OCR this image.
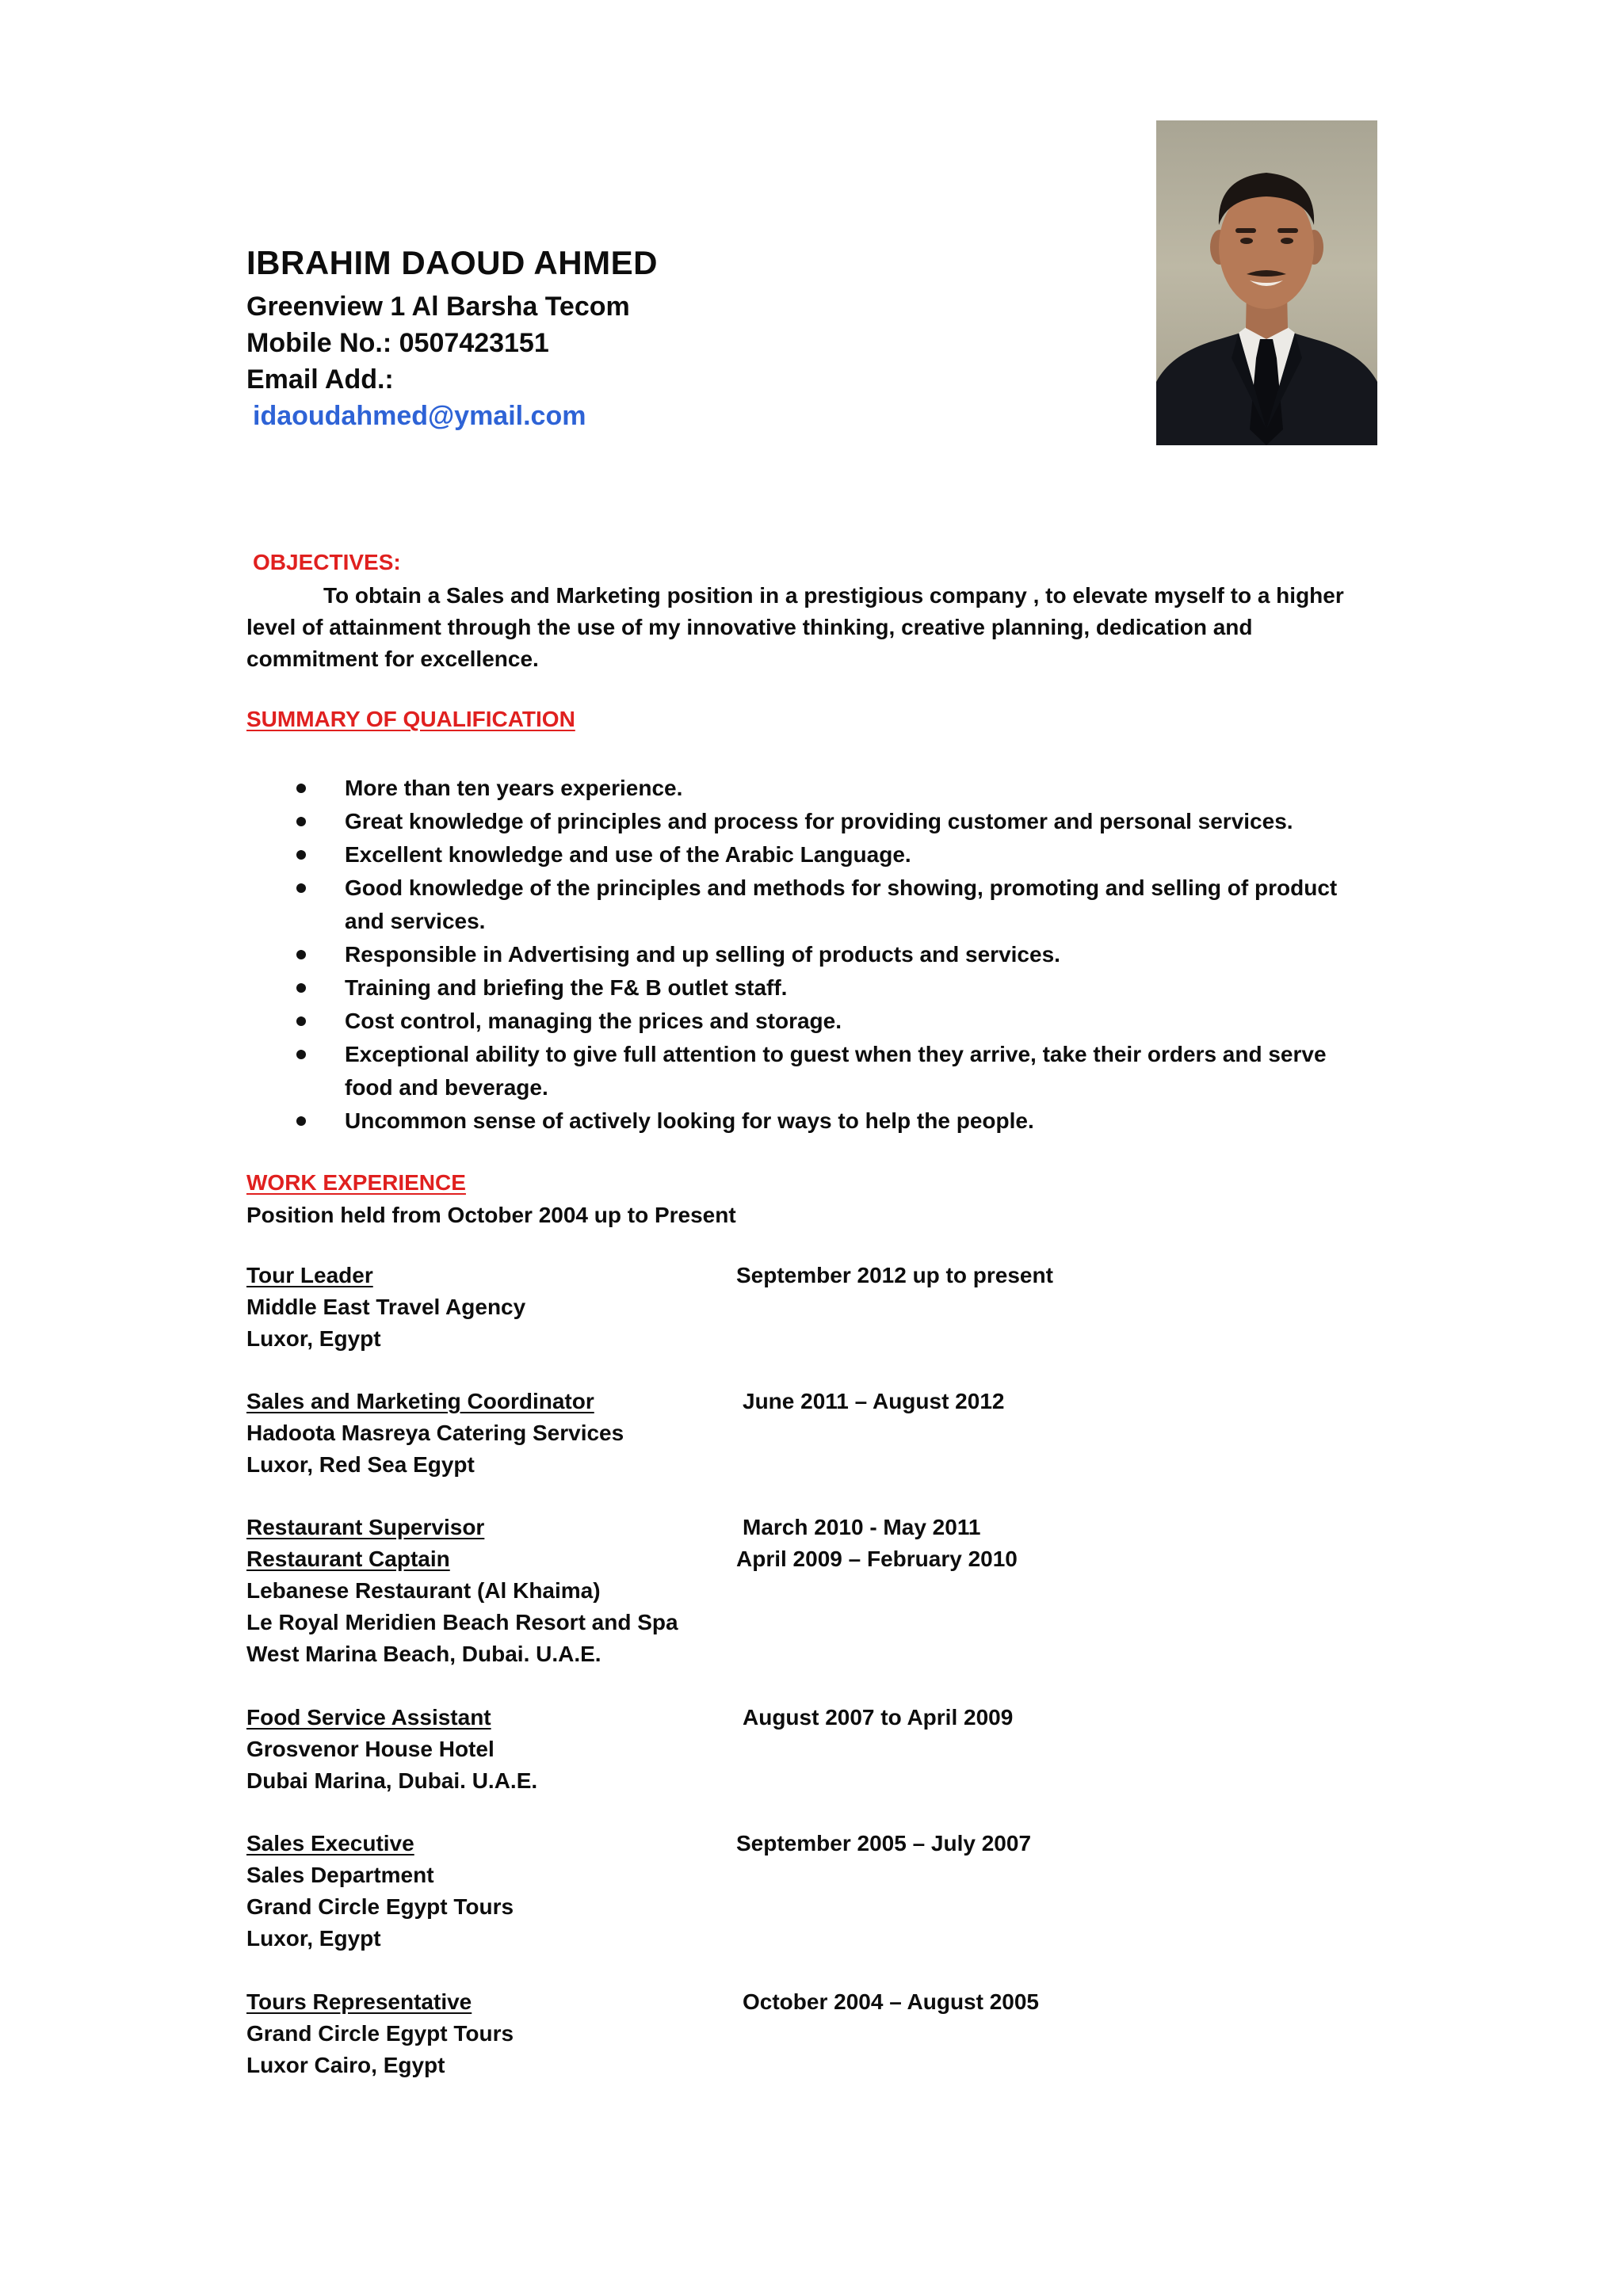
IBRAHIM DAOUD AHMED
Greenview 1 Al Barsha Tecom
Mobile No.: 0507423151
Email Add.:
idaoudahmed@ymail.com
OBJECTIVES:
To obtain a Sales and Marketing position in a prestigious company , to elevate myself to a higher level of attainment through the use of my innovative thinking, creative planning, dedication and commitment for excellence.
SUMMARY OF QUALIFICATION
More than ten years experience.
Great knowledge of principles and process for providing customer and personal services.
Excellent knowledge and use of the Arabic Language.
Good knowledge of the principles and methods for showing, promoting and selling of product and services.
Responsible in Advertising and up selling of products and services.
Training and briefing the F& B outlet staff.
Cost control, managing the prices and storage.
Exceptional ability to give full attention to guest when they arrive, take their orders and serve food and beverage.
Uncommon sense of actively looking for ways to help the people.
WORK EXPERIENCE
Position held from October 2004 up to Present
Tour Leader	September 2012 up to present
Middle East Travel Agency
Luxor, Egypt
Sales and Marketing Coordinator	June 2011 – August 2012
Hadoota Masreya Catering Services
Luxor, Red Sea Egypt
Restaurant Supervisor	March 2010 - May 2011
Restaurant Captain	April 2009 – February 2010
Lebanese Restaurant (Al Khaima)
Le Royal Meridien Beach Resort and Spa
West Marina Beach, Dubai. U.A.E.
Food Service Assistant	August 2007 to April 2009
Grosvenor House Hotel
Dubai Marina, Dubai. U.A.E.
Sales Executive	September 2005 – July 2007
Sales Department
Grand Circle Egypt Tours
Luxor, Egypt
Tours Representative	October 2004 – August 2005
Grand Circle Egypt Tours
Luxor Cairo, Egypt
